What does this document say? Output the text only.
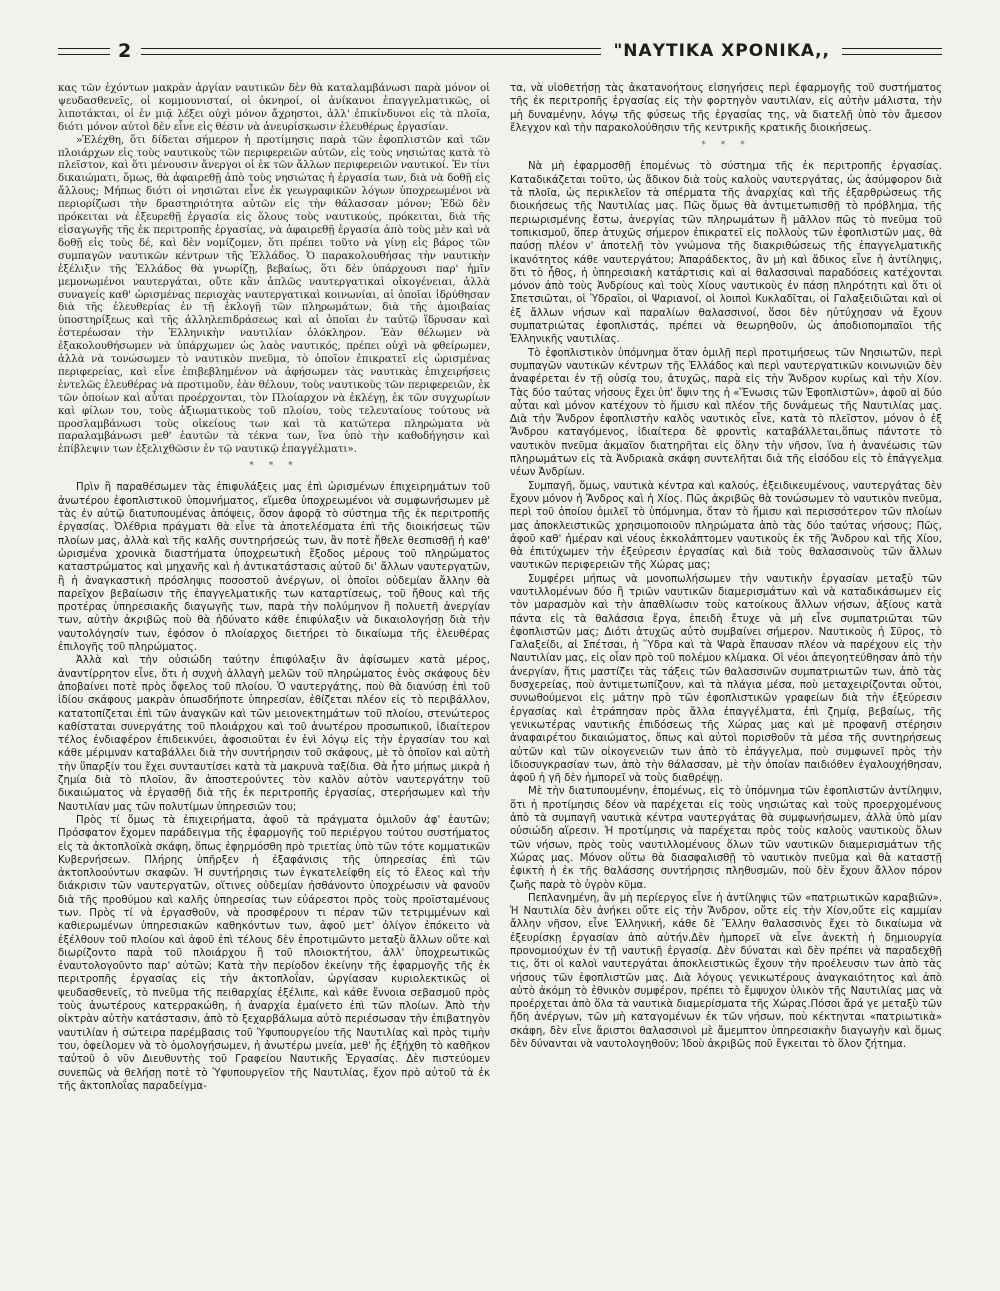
2	"ΝΑΥΤΙΚΑ ΧΡΟΝΙΚΑ,,

κας τῶν ἐχόντων μακρὰν ἀργίαν ναυτικῶν δὲν θὰ καταλαμβάνωσι παρὰ μόνον οἱ ψευδασθενεῖς, οἱ κομμουνισταί, οἱ ὀκνηροί, οἱ ἀνίκανοι ἐπαγγελματικῶς, οἱ λιποτάκται, οἱ ἐν μιᾷ λέξει οὐχὶ μόνον ἄχρηστοι, ἀλλ' ἐπικίνδυνοι εἰς τὰ πλοῖα, διότι μόνον αὐτοὶ δὲν εἶνε εἰς θέσιν νὰ ἀνευρίσκωσιν ἐλευθέρως ἐργασίαν.

»Ἐλέχθη, ὅτι δίδεται σήμερον ἡ προτίμησις παρὰ τῶν ἐφοπλιστῶν καὶ τῶν πλοιάρχων εἰς τοὺς ναυτικοὺς τῶν περιφερειῶν αὐτῶν, εἰς τοὺς νησιώτας κατὰ τὸ πλεῖστον, καὶ ὅτι μένουσιν ἄνεργοι οἱ ἐκ τῶν ἄλλων περιφερειῶν ναυτικοί. Ἐν τίνι δικαιώματι, ὅμως, θὰ ἀφαιρεθῇ ἀπὸ τοὺς νησιώτας ἡ ἐργασία των, διὰ νὰ δοθῇ εἰς ἄλλους; Μήπως διότι οἱ νησιῶται εἶνε ἐκ γεωγραφικῶν λόγων ὑποχρεωμένοι νὰ περιορίζωσι τὴν δραστηριότητα αὐτῶν εἰς τὴν θάλασσαν μόνον; Ἐδῶ δὲν πρόκειται νὰ ἐξευρεθῇ ἐργασία εἰς ὅλους τοὺς ναυτικούς, πρόκειται, διὰ τῆς εἰσαγωγῆς τῆς ἐκ περιτροπῆς ἐργασίας, νὰ ἀφαιρεθῇ ἐργασία ἀπὸ τοὺς μὲν καὶ νὰ δοθῇ εἰς τοὺς δέ, καὶ δὲν νομίζομεν, ὅτι πρέπει τοῦτο νὰ γίνῃ εἰς βάρος τῶν συμπαγῶν ναυτικῶν κέντρων τῆς Ἑλλάδος. Ὁ παρακολουθήσας τὴν ναυτικὴν ἐξέλιξιν τῆς Ἑλλάδος θὰ γνωρίζῃ, βεβαίως, ὅτι δὲν ὑπάρχουσι παρ' ἡμῖν μεμονωμένοι ναυτεργάται, οὔτε κἂν ἁπλῶς ναυτεργατικαὶ οἰκογένειαι, ἀλλὰ συναγείς καθ' ὡρισμένας περιοχὰς ναυτεργατικαὶ κοινωνίαι, αἱ ὁποῖαι ἱδρύθησαν διὰ τῆς ἐλευθερίας ἐν τῇ ἐκλογῇ τῶν πληρωμάτων, διὰ τῆς ἀμοιβαίας ὑποστηρίξεως καὶ τῆς ἀλληλεπιδράσεως καὶ αἱ ὁποῖαι ἐν ταὐτῷ ἵδρυσαν καὶ ἐστερέωσαν τὴν Ἑλληνικὴν ναυτιλίαν ὁλόκληρον. Ἐὰν θέλωμεν νὰ ἐξακολουθήσωμεν νὰ ὑπάρχωμεν ὡς λαὸς ναυτικός, πρέπει οὐχὶ νὰ φθείρωμεν, ἀλλὰ νὰ τονώσωμεν τὸ ναυτικὸν πνεῦμα, τὸ ὁποῖον ἐπικρατεῖ εἰς ὡρισμένας περιφερείας, καὶ εἶνε ἐπιβεβλημένον νὰ ἀφήσωμεν τὰς ναυτικὰς ἐπιχειρήσεις ἐντελῶς ἐλευθέρας νὰ προτιμοῦν, ἐὰν θέλουν, τοὺς ναυτικοὺς τῶν περιφερειῶν, ἐκ τῶν ὁποίων καὶ αὗται προέρχονται, τὸν Πλοίαρχον νὰ ἐκλέγῃ, ἐκ τῶν συγχωρίων καὶ φίλων του, τοὺς ἀξιωματικοὺς τοῦ πλοίου, τοὺς τελευταίους τούτους νὰ προσλαμβάνωσι τοὺς οἰκείους των καὶ τὰ κατώτερα πληρώματα νὰ παραλαμβάνωσι μεθ' ἑαυτῶν τὰ τέκνα των, ἵνα ὑπὸ τὴν καθοδήγησιν καὶ ἐπίβλεψιν των ἐξελιχθῶσιν ἐν τῷ ναυτικῷ ἐπαγγέλματι».

* * *

Πρὶν ἢ παραθέσωμεν τὰς ἐπιφυλάξεις μας ἐπὶ ὡρισμένων ἐπιχειρημάτων τοῦ ἀνωτέρου ἐφοπλιστικοῦ ὑπομνήματος, εἴμεθα ὑποχρεωμένοι νὰ συμφωνήσωμεν μὲ τὰς ἐν αὐτῷ διατυπουμένας ἀπόψεις, ὅσον ἀφορᾷ τὸ σύστημα τῆς ἐκ περιτροπῆς ἐργασίας. Ὀλέθρια πράγματι θὰ εἶνε τὰ ἀποτελέσματα ἐπὶ τῆς διοικήσεως τῶν πλοίων μας, ἀλλὰ καὶ τῆς καλῆς συντηρήσεώς των, ἂν ποτὲ ἤθελε θεσπισθῇ ἡ καθ' ὡρισμένα χρονικὰ διαστήματα ὑποχρεωτικὴ ἔξοδος μέρους τοῦ πληρώματος καταστρώματος καὶ μηχανῆς καὶ ἡ ἀντικατάστασις αὐτοῦ δι' ἄλλων ναυτεργατῶν, ἢ ἡ ἀναγκαστικὴ πρόσληψις ποσοστοῦ ἀνέργων, οἱ ὁποῖοι οὐδεμίαν ἄλλην θὰ παρεῖχον βεβαίωσιν τῆς ἐπαγγελματικῆς των καταρτίσεως, τοῦ ἤθους καὶ τῆς προτέρας ὑπηρεσιακῆς διαγωγῆς των, παρὰ τὴν πολύμηνον ἢ πολυετῆ ἀνεργίαν των, αὐτὴν ἀκριβῶς ποὺ θὰ ἠδύνατο κάθε ἐπιφύλαξιν νὰ δικαιολογήσῃ διὰ τὴν ναυτολόγησίν των, ἐφόσον ὁ πλοίαρχος διετήρει τὸ δικαίωμα τῆς ἐλευθέρας ἐπιλογῆς τοῦ πληρώματος.

Ἀλλὰ καὶ τὴν οὐσιώδη ταύτην ἐπιφύλαξιν ἂν ἀφίσωμεν κατὰ μέρος, ἀναντίρρητον εἶνε, ὅτι ἡ συχνὴ ἀλλαγὴ μελῶν τοῦ πληρώματος ἑνὸς σκάφους δὲν ἀποβαίνει ποτὲ πρὸς ὄφελος τοῦ πλοίου. Ὁ ναυτεργάτης, ποὺ θὰ διανύσῃ ἐπὶ τοῦ ἰδίου σκάφους μακρὰν ὁπωσδήποτε ὑπηρεσίαν, ἐθίζεται πλέον εἰς τὸ περιβάλλον, κατατοπίζεται ἐπὶ τῶν ἀναγκῶν καὶ τῶν μειονεκτημάτων τοῦ πλοίου, στενώτερος καθίσταται συνεργάτης τοῦ πλοιάρχου καὶ τοῦ ἀνωτέρου προσωπικοῦ, ἰδιαίτερον τέλος ἐνδιαφέρον ἐπιδεικνύει, ἀφοσιοῦται ἐν ἑνὶ λόγῳ εἰς τὴν ἐργασίαν του καὶ κάθε μέριμναν καταβάλλει διὰ τὴν συντήρησιν τοῦ σκάφους, μὲ τὸ ὁποῖον καὶ αὐτὴ τὴν ὕπαρξίν του ἔχει συνταυτίσει κατὰ τὰ μακρυνὰ ταξίδια. Θὰ ἦτο μήπως μικρὰ ἡ ζημία διὰ τὸ πλοῖον, ἂν ἀποστερούντες τὸν καλὸν αὐτὸν ναυτεργάτην τοῦ δικαιώματος νὰ ἐργασθῇ διὰ τῆς ἐκ περιτροπῆς ἐργασίας, στερήσωμεν καὶ τὴν Ναυτιλίαν μας τῶν πολυτίμων ὑπηρεσιῶν του;

Πρὸς τί ὅμως τὰ ἐπιχειρήματα, ἀφοῦ τὰ πράγματα ὁμιλοῦν ἀφ' ἑαυτῶν; Πρόσφατον ἔχομεν παράδειγμα τῆς ἐφαρμογῆς τοῦ περιέργου τούτου συστήματος εἰς τὰ ἀκτοπλοϊκὰ σκάφη, ὅπως ἐφηρμόσθη πρὸ τριετίας ὑπὸ τῶν τότε κομματικῶν Κυβερνήσεων. Πλήρης ὑπῆρξεν ἡ ἐξαφάνισις τῆς ὑπηρεσίας ἐπὶ τῶν ἀκτοπλοούντων σκαφῶν. Ἡ συντήρησις των ἐγκατελείφθη εἰς τὸ ἔλεος καὶ τὴν διάκρισιν τῶν ναυτεργατῶν, οἵτινες οὐδεμίαν ἠσθάνοντο ὑποχρέωσιν νὰ φανοῦν διὰ τῆς προθύμου καὶ καλῆς ὑπηρεσίας των εὐάρεστοι πρὸς τοὺς προϊσταμένους των. Πρὸς τί νὰ ἐργασθοῦν, νὰ προσφέρουν τι πέραν τῶν τετριμμένων καὶ καθιερωμένων ὑπηρεσιακῶν καθηκόντων των, ἀφοῦ μετ' ὀλίγον ἐπόκειτο νὰ ἐξέλθουν τοῦ πλοίου καὶ ἀφοῦ ἐπὶ τέλους δὲν ἐπροτιμῶντο μεταξὺ ἄλλων οὔτε καὶ διωρίζοντο παρὰ τοῦ πλοιάρχου ἢ τοῦ πλοιοκτήτου, ἀλλ' ὑποχρεωτικῶς ἐναυτολογοῦντο παρ' αὐτῶν; Κατὰ τὴν περίοδον ἐκείνην τῆς ἐφαρμογῆς τῆς ἐκ περιτροπῆς ἐργασίας εἰς τὴν ἀκτοπλοΐαν, ὠργίασαν κυριολεκτικῶς οἱ ψευδασθενεῖς, τὸ πνεῦμα τῆς πειθαρχίας ἐξέλιπε, καὶ κάθε ἔννοια σεβασμοῦ πρὸς τοὺς ἀνωτέρους κατερρακώθη, ἡ ἀναρχία ἐμαίνετο ἐπὶ τῶν πλοίων. Ἀπὸ τὴν οἰκτρὰν αὐτὴν κατάστασιν, ἀπὸ τὸ ξεχαρβάλωμα αὐτὸ περιέσωσαν τὴν ἐπιβατηγὸν ναυτιλίαν ἡ σώτειρα παρέμβασις τοῦ Ὑφυπουργείου τῆς Ναυτιλίας καὶ πρὸς τιμὴν του, ὀφείλομεν νὰ τὸ ὁμολογήσωμεν, ἡ ἀνωτέρω μνεία, μεθ' ἧς ἐξήχθη τὸ καθῆκον ταὐτοῦ ὁ νῦν Διευθυντὴς τοῦ Γραφείου Ναυτικῆς Ἐργασίας. Δὲν πιστεύομεν συνεπῶς νὰ θελήσῃ ποτὲ τὸ Ὑφυπουργεῖον τῆς Ναυτιλίας, ἔχον πρὸ αὐτοῦ τὰ ἐκ τῆς ἀκτοπλοΐας παραδείγμα-

τα, νὰ υἱοθετήσῃ τὰς ἀκατανοήτους εἰσηγήσεις περὶ ἐφαρμογῆς τοῦ συστήματος τῆς ἐκ περιτροπῆς ἐργασίας εἰς τὴν φορτηγὸν ναυτιλίαν, εἰς αὐτὴν μάλιστα, τὴν μὴ δυναμένην, λόγῳ τῆς φύσεως τῆς ἐργασίας της, νὰ διατελῇ ὑπὸ τὸν ἄμεσον ἔλεγχον καὶ τὴν παρακολούθησιν τῆς κεντρικῆς κρατικῆς διοικήσεως.

* * *

Νὰ μὴ ἐφαρμοσθῇ ἑπομένως τὸ σύστημα τῆς ἐκ περιτροπῆς ἐργασίας. Καταδικάζεται τοῦτο, ὡς ἄδικον διὰ τοὺς καλοὺς ναυτεργάτας, ὡς ἀσύμφορον διὰ τὰ πλοῖα, ὡς περικλεῖον τὰ σπέρματα τῆς ἀναρχίας καὶ τῆς ἐξαρθρώσεως τῆς διοικήσεως τῆς Ναυτιλίας μας. Πῶς ὅμως θὰ ἀντιμετωπισθῇ τὸ πρόβλημα, τῆς περιωρισμένης ἔστω, ἀνεργίας τῶν πληρωμάτων ἢ μᾶλλον πῶς τὸ πνεῦμα τοῦ τοπικισμοῦ, ὅπερ ἀτυχῶς σήμερον ἐπικρατεῖ εἰς πολλοὺς τῶν ἐφοπλιστῶν μας, θὰ παύσῃ πλέον ν' ἀποτελῇ τὸν γνώμονα τῆς διακριθώσεως τῆς ἐπαγγελματικῆς ἱκανότητος κάθε ναυτεργάτου; Ἀπαράδεκτος, ἂν μὴ καὶ ἄδικος εἶνε ἡ ἀντίληψις, ὅτι τὸ ἦθος, ἡ ὑπηρεσιακὴ κατάρτισις καὶ αἱ θαλασσιναὶ παραδόσεις κατέχονται μόνον ἀπὸ τοὺς Ἀνδρίους καὶ τοὺς Χίους ναυτικοὺς ἐν πάσῃ πληρότητι καὶ ὅτι οἱ Σπετσιῶται, οἱ Ὑδραῖοι, οἱ Ψαριανοί, οἱ λοιποὶ Κυκλαδῖται, οἱ Γαλαξειδιῶται καὶ οἱ ἐξ ἄλλων νήσων καὶ παραλίων θαλασσινοί, ὅσοι δὲν ηὐτύχησαν νὰ ἔχουν συμπατριώτας ἐφοπλιστάς, πρέπει νὰ θεωρηθοῦν, ὡς ἀποδιοπομπαῖοι τῆς Ἑλληνικῆς ναυτιλίας.

Τὸ ἐφοπλιστικὸν ὑπόμνημα ὅταν ὁμιλῇ περὶ προτιμήσεως τῶν Νησιωτῶν, περὶ συμπαγῶν ναυτικῶν κέντρων τῆς Ἑλλάδος καὶ περὶ ναυτεργατικῶν κοινωνιῶν δὲν ἀναφέρεται ἐν τῇ οὐσίᾳ του, ἀτυχῶς, παρὰ εἰς τὴν Ἄνδρον κυρίως καὶ τὴν Χίον. Τὰς δύο ταύτας νήσους ἔχει ὑπ' ὄψιν της ἡ «Ἕνωσις τῶν Ἐφοπλιστῶν», ἀφοῦ αἱ δύο αὗται καὶ μόνον κατέχουν τὸ ἥμισυ καὶ πλέον τῆς δυνάμεως τῆς Ναυτιλίας μας. Διὰ τὴν Ἄνδρον ἐφοπλιστὴν καλὸς ναυτικὸς εἶνε, κατὰ τὸ πλεῖστον, μόνον ὁ ἐξ Ἄνδρου καταγόμενος, ἰδιαίτερα δὲ φροντὶς καταβάλλεται,ὅπως πάντοτε τὸ ναυτικὸν πνεῦμα ἀκμαῖον διατηρῆται εἰς ὅλην τὴν νῆσον, ἵνα ἡ ἀνανέωσις τῶν πληρωμάτων εἰς τὰ Ἀνδριακὰ σκάφη συντελῆται διὰ τῆς εἰσόδου εἰς τὸ ἐπάγγελμα νέων Ἀνδρίων.

Συμπαγῆ, ὅμως, ναυτικὰ κέντρα καὶ καλούς, ἐξειδικευμένους, ναυτεργάτας δὲν ἔχουν μόνον ἡ Ἄνδρος καὶ ἡ Χίος. Πῶς ἀκριβῶς θὰ τονώσωμεν τὸ ναυτικὸν πνεῦμα, περὶ τοῦ ὁποίου ὁμιλεῖ τὸ ὑπόμνημα, ὅταν τὸ ἥμισυ καὶ περισσότερον τῶν πλοίων μας ἀποκλειστικῶς χρησιμοποιοῦν πληρώματα ἀπὸ τὰς δύο ταύτας νήσους; Πῶς, ἀφοῦ καθ' ἡμέραν καὶ νέους ἐκκολάπτομεν ναυτικοὺς ἐκ τῆς Ἄνδρου καὶ τῆς Χίου, θὰ ἐπιτύχωμεν τὴν ἐξεύρεσιν ἐργασίας καὶ διὰ τοὺς θαλασσινοὺς τῶν ἄλλων ναυτικῶν περιφερειῶν τῆς Χώρας μας;

Συμφέρει μήπως νὰ μονοπωλήσωμεν τὴν ναυτικὴν ἐργασίαν μεταξὺ τῶν ναυτιλλομένων δύο ἢ τριῶν ναυτικῶν διαμερισμάτων καὶ νὰ καταδικάσωμεν εἰς τὸν μαρασμὸν καὶ τὴν ἀπαθλίωσιν τοὺς κατοίκους ἄλλων νήσων, ἀξίους κατὰ πάντα εἰς τὰ θαλάσσια ἔργα, ἐπειδὴ ἔτυχε νὰ μὴ εἶνε συμπατριῶται τῶν ἐφοπλιστῶν μας; Διότι ἀτυχῶς αὐτὸ συμβαίνει σήμερον. Ναυτικοὺς ἡ Σῦρος, τὸ Γαλαξείδι, αἱ Σπέτσαι, ἡ Ὕδρα καὶ τὰ Ψαρὰ ἔπαυσαν πλέον νὰ παρέχουν εἰς τὴν Ναυτιλίαν μας, εἰς οἷαν πρὸ τοῦ πολέμου κλίμακα. Οἱ νέοι ἀπεγοητεύθησαν ἀπὸ τὴν ἀνεργίαν, ἤτις μαστίζει τὰς τάξεις τῶν θαλασσινῶν συμπατριωτῶν των, ἀπὸ τὰς δυσχερείας, ποὺ ἀντιμετωπίζουν, καὶ τὰ πλάγια μέσα, ποὺ μεταχειρίζονται οὗτοι, συνωθούμενοι εἰς μάτην πρὸ τῶν ἐφοπλιστικῶν γραφείων διὰ τὴν ἐξεύρεσιν ἐργασίας καὶ ἐτράπησαν πρὸς ἄλλα ἐπαγγέλματα, ἐπὶ ζημίᾳ, βεβαίως, τῆς γενικωτέρας ναυτικῆς ἐπιδόσεως τῆς Χώρας μας καὶ μὲ προφανῆ στέρησιν ἀναφαιρέτου δικαιώματος, ὅπως καὶ αὐτοὶ πορισθοῦν τὰ μέσα τῆς συντηρήσεως αὐτῶν καὶ τῶν οἰκογενειῶν των ἀπὸ τὸ ἐπάγγελμα, ποὺ συμφωνεῖ πρὸς τὴν ἰδιοσυγκρασίαν των, ἀπὸ τὴν θάλασσαν, μὲ τὴν ὁποίαν παιδιόθεν ἐγαλουχήθησαν, ἀφοῦ ἡ γῆ δὲν ἠμπορεῖ νὰ τοὺς διαθρέψῃ.

Μὲ τὴν διατυπουμένην, ἑπομένως, εἰς τὸ ὑπόμνημα τῶν ἐφοπλιστῶν ἀντίληψιν, ὅτι ἡ προτίμησις δέον νὰ παρέχεται εἰς τοὺς νησιώτας καὶ τοὺς προερχομένους ἀπὸ τὰ συμπαγῆ ναυτικὰ κέντρα ναυτεργάτας θὰ συμφωνήσωμεν, ἀλλὰ ὑπὸ μίαν οὐσιώδη αἵρεσιν. Ἡ προτίμησις νὰ παρέχεται πρὸς τοὺς καλοὺς ναυτικοὺς ὅλων τῶν νήσων, πρὸς τοὺς ναυτιλλομένους ὅλων τῶν ναυτικῶν διαμερισμάτων τῆς Χώρας μας. Μόνον οὕτω θὰ διασφαλισθῇ τὸ ναυτικὸν πνεῦμα καὶ θὰ καταστῇ ἐφικτὴ ἡ ἐκ τῆς θαλάσσης συντήρησις πληθυσμῶν, ποὺ δὲν ἔχουν ἄλλον πόρον ζωῆς παρὰ τὸ ὑγρὸν κῦμα.

Πεπλανημένη, ἂν μὴ περίεργος εἶνε ἡ ἀντίληψις τῶν «πατριωτικῶν καραβιῶν». Ἡ Ναυτιλία δὲν ἀνήκει οὔτε εἰς τὴν Ἄνδρον, οὔτε εἰς τὴν Χίον,οὔτε εἰς καμμίαν ἄλλην νῆσον, εἶνε Ἑλληνική, κάθε δὲ Ἕλλην θαλασσινὸς ἔχει τὸ δικαίωμα νὰ ἐξευρίσκῃ ἐργασίαν ἀπὸ αὐτήν.Δὲν ἠμπορεῖ νὰ εἶνε ἀνεκτὴ ἡ δημιουργία προνομιούχων ἐν τῇ ναυτικῇ ἐργασίᾳ. Δὲν δύναται καὶ δὲν πρέπει νὰ παραδεχθῇ τις, ὅτι οἱ καλοὶ ναυτεργάται ἀποκλειστικῶς ἔχουν τὴν προέλευσιν των ἀπὸ τὰς νήσους τῶν ἐφοπλιστῶν μας. Διὰ λόγους γενικωτέρους ἀναγκαιότητος καὶ ἀπὸ αὐτὸ ἀκόμη τὸ ἐθνικὸν συμφέρον, πρέπει τὸ ἔμψυχον ὑλικὸν τῆς Ναυτιλίας μας νὰ προέρχεται ἀπὸ ὅλα τὰ ναυτικὰ διαμερίσματα τῆς Χώρας.Πόσοι ἄρά γε μεταξὺ τῶν ἤδη ἀνέργων, τῶν μὴ καταγομένων ἐκ τῶν νήσων, ποὺ κέκτηνται «πατριωτικὰ» σκάφη, δὲν εἶνε ἄριστοι θαλασσινοὶ μὲ ἄμεμπτον ὑπηρεσιακὴν διαγωγὴν καὶ ὅμως δὲν δύνανται νὰ ναυτολογηθοῦν; Ἰδοὺ ἀκριβῶς ποῦ ἔγκειται τὸ ὅλον ζήτημα.
